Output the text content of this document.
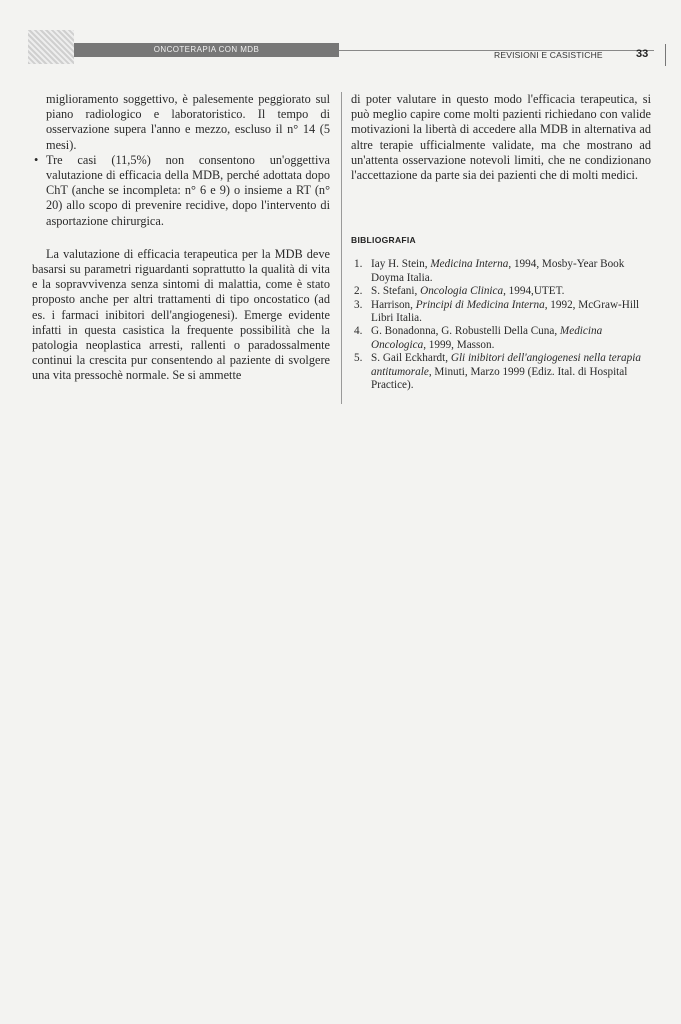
ONCOTERAPIA CON MDB
REVISIONI E CASISTICHE	33

miglioramento soggettivo, è palesemente peggiorato sul piano radiologico e laboratoristico. Il tempo di osservazione supera l'anno e mezzo, escluso il n° 14 (5 mesi).

• Tre casi (11,5%) non consentono un'oggettiva valutazione di efficacia della MDB, perché adottata dopo ChT (anche se incompleta: n° 6 e 9) o insieme a RT (n° 20) allo scopo di prevenire recidive, dopo l'intervento di asportazione chirurgica.

La valutazione di efficacia terapeutica per la MDB deve basarsi su parametri riguardanti soprattutto la qualità di vita e la sopravvivenza senza sintomi di malattia, come è stato proposto anche per altri trattamenti di tipo oncostatico (ad es. i farmaci inibitori dell'angiogenesi). Emerge evidente infatti in questa casistica la frequente possibilità che la patologia neoplastica arresti, rallenti o paradossalmente continui la crescita pur consentendo al paziente di svolgere una vita pressochè normale. Se si ammette

di poter valutare in questo modo l'efficacia terapeutica, si può meglio capire come molti pazienti richiedano con valide motivazioni la libertà di accedere alla MDB in alternativa ad altre terapie ufficialmente validate, ma che mostrano ad un'attenta osservazione notevoli limiti, che ne condizionano l'accettazione da parte sia dei pazienti che di molti medici.

BIBLIOGRAFIA
1. Iay H. Stein, Medicina Interna, 1994, Mosby-Year Book Doyma Italia.
2. S. Stefani, Oncologia Clinica, 1994,UTET.
3. Harrison, Principi di Medicina Interna, 1992, McGraw-Hill Libri Italia.
4. G. Bonadonna, G. Robustelli Della Cuna, Medicina Oncologica, 1999, Masson.
5. S. Gail Eckhardt, Gli inibitori dell'angiogenesi nella terapia antitumorale, Minuti, Marzo 1999 (Ediz. Ital. di Hospital Practice).
